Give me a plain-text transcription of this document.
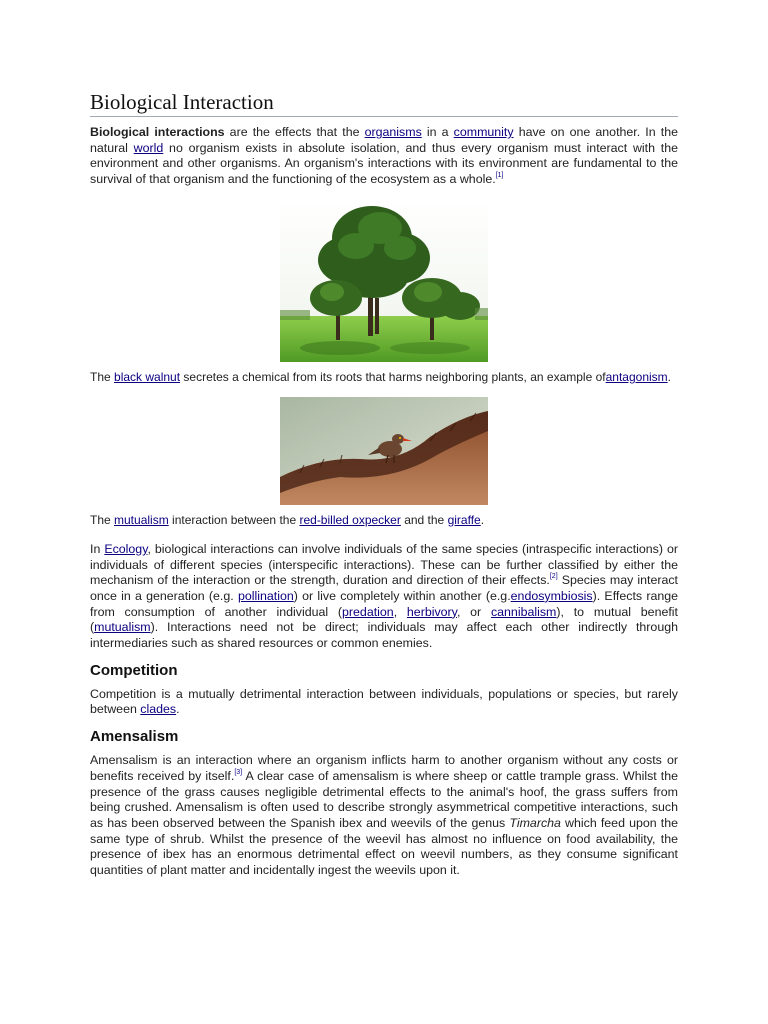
Biological Interaction

Biological interactions are the effects that the organisms in a community have on one another. In the natural world no organism exists in absolute isolation, and thus every organism must interact with the environment and other organisms. An organism's interactions with its environment are fundamental to the survival of that organism and the functioning of the ecosystem as a whole.[1]

The black walnut secretes a chemical from its roots that harms neighboring plants, an example ofantagonism.

The mutualism interaction between the red-billed oxpecker and the giraffe.

In Ecology, biological interactions can involve individuals of the same species (intraspecific interactions) or individuals of different species (interspecific interactions). These can be further classified by either the mechanism of the interaction or the strength, duration and direction of their effects.[2] Species may interact once in a generation (e.g. pollination) or live completely within another (e.g.endosymbiosis). Effects range from consumption of another individual (predation, herbivory, or cannibalism), to mutual benefit (mutualism). Interactions need not be direct; individuals may affect each other indirectly through intermediaries such as shared resources or common enemies.

Competition

Competition is a mutually detrimental interaction between individuals, populations or species, but rarely between clades.

Amensalism

Amensalism is an interaction where an organism inflicts harm to another organism without any costs or benefits received by itself.[3] A clear case of amensalism is where sheep or cattle trample grass. Whilst the presence of the grass causes negligible detrimental effects to the animal's hoof, the grass suffers from being crushed. Amensalism is often used to describe strongly asymmetrical competitive interactions, such as has been observed between the Spanish ibex and weevils of the genus Timarcha which feed upon the same type of shrub. Whilst the presence of the weevil has almost no influence on food availability, the presence of ibex has an enormous detrimental effect on weevil numbers, as they consume significant quantities of plant matter and incidentally ingest the weevils upon it.
